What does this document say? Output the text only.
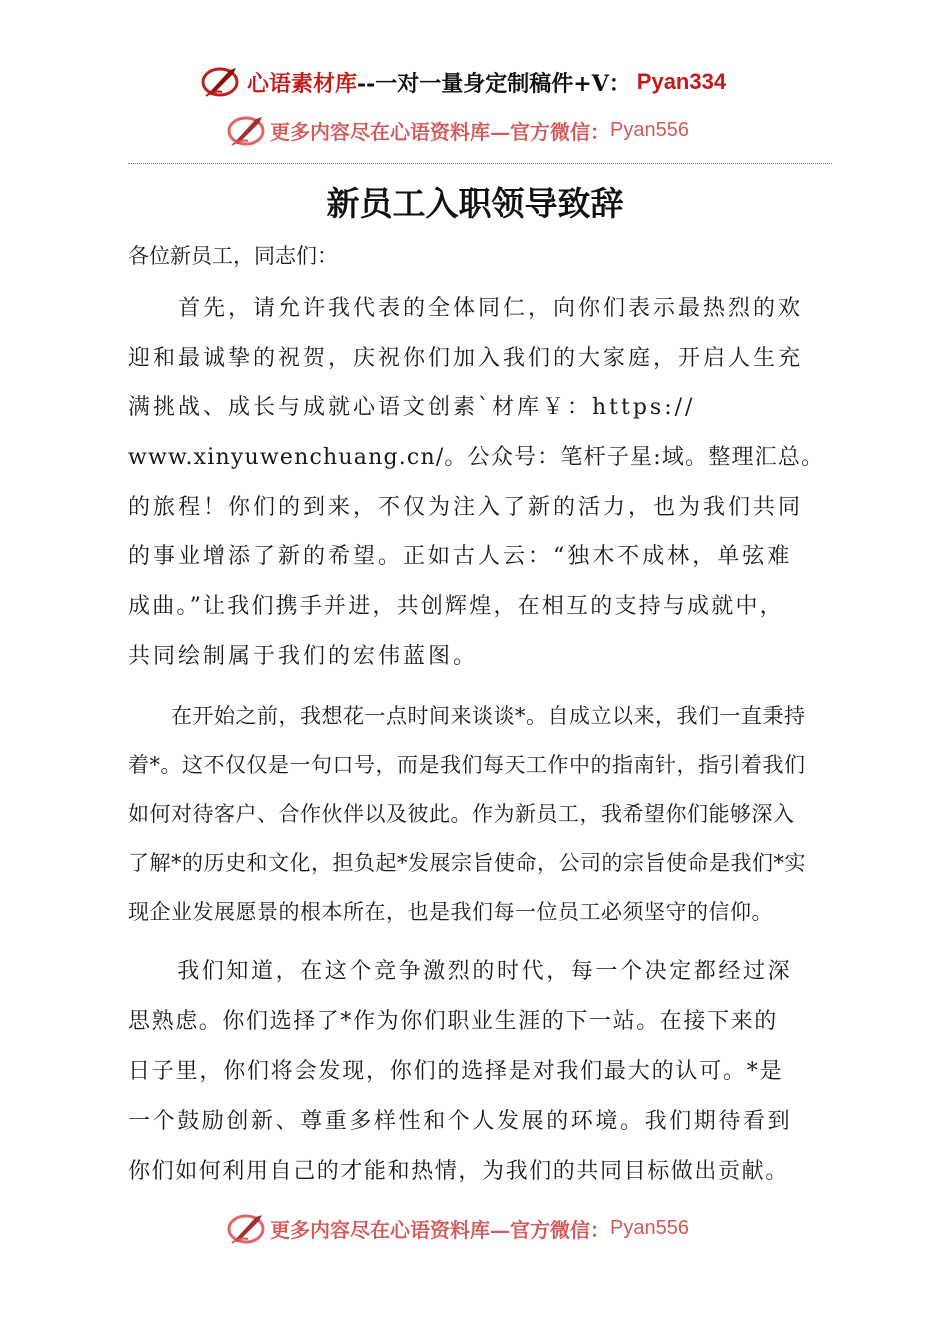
心语素材库 --一对一量身定制稿件+V： Pyan334
更多内容尽在心语资料库—官方微信： Pyan556
新员工入职领导致辞
各位新员工，同志们：
　　首先，请允许我代表的全体同仁，向你们表示最热烈的欢
迎和最诚挚的祝贺，庆祝你们加入我们的大家庭，开启人生充
满挑战、成长与成就心语文创素`材库￥：https://
www.xinyuwenchuang.cn/。公众号：笔杆子星:域。整理汇总。
的旅程！你们的到来，不仅为注入了新的活力，也为我们共同
的事业增添了新的希望。正如古人云：“独木不成林，单弦难
成曲。”让我们携手并进，共创辉煌，在相互的支持与成就中，
共同绘制属于我们的宏伟蓝图。
　　在开始之前，我想花一点时间来谈谈*。自成立以来，我们一直秉持
着*。这不仅仅是一句口号，而是我们每天工作中的指南针，指引着我们
如何对待客户、合作伙伴以及彼此。作为新员工，我希望你们能够深入
了解*的历史和文化，担负起*发展宗旨使命，公司的宗旨使命是我们*实
现企业发展愿景的根本所在，也是我们每一位员工必须坚守的信仰。
　　我们知道，在这个竞争激烈的时代，每一个决定都经过深
思熟虑。你们选择了*作为你们职业生涯的下一站。在接下来的
日子里，你们将会发现，你们的选择是对我们最大的认可。*是
一个鼓励创新、尊重多样性和个人发展的环境。我们期待看到
你们如何利用自己的才能和热情，为我们的共同目标做出贡献。
更多内容尽在心语资料库—官方微信： Pyan556
